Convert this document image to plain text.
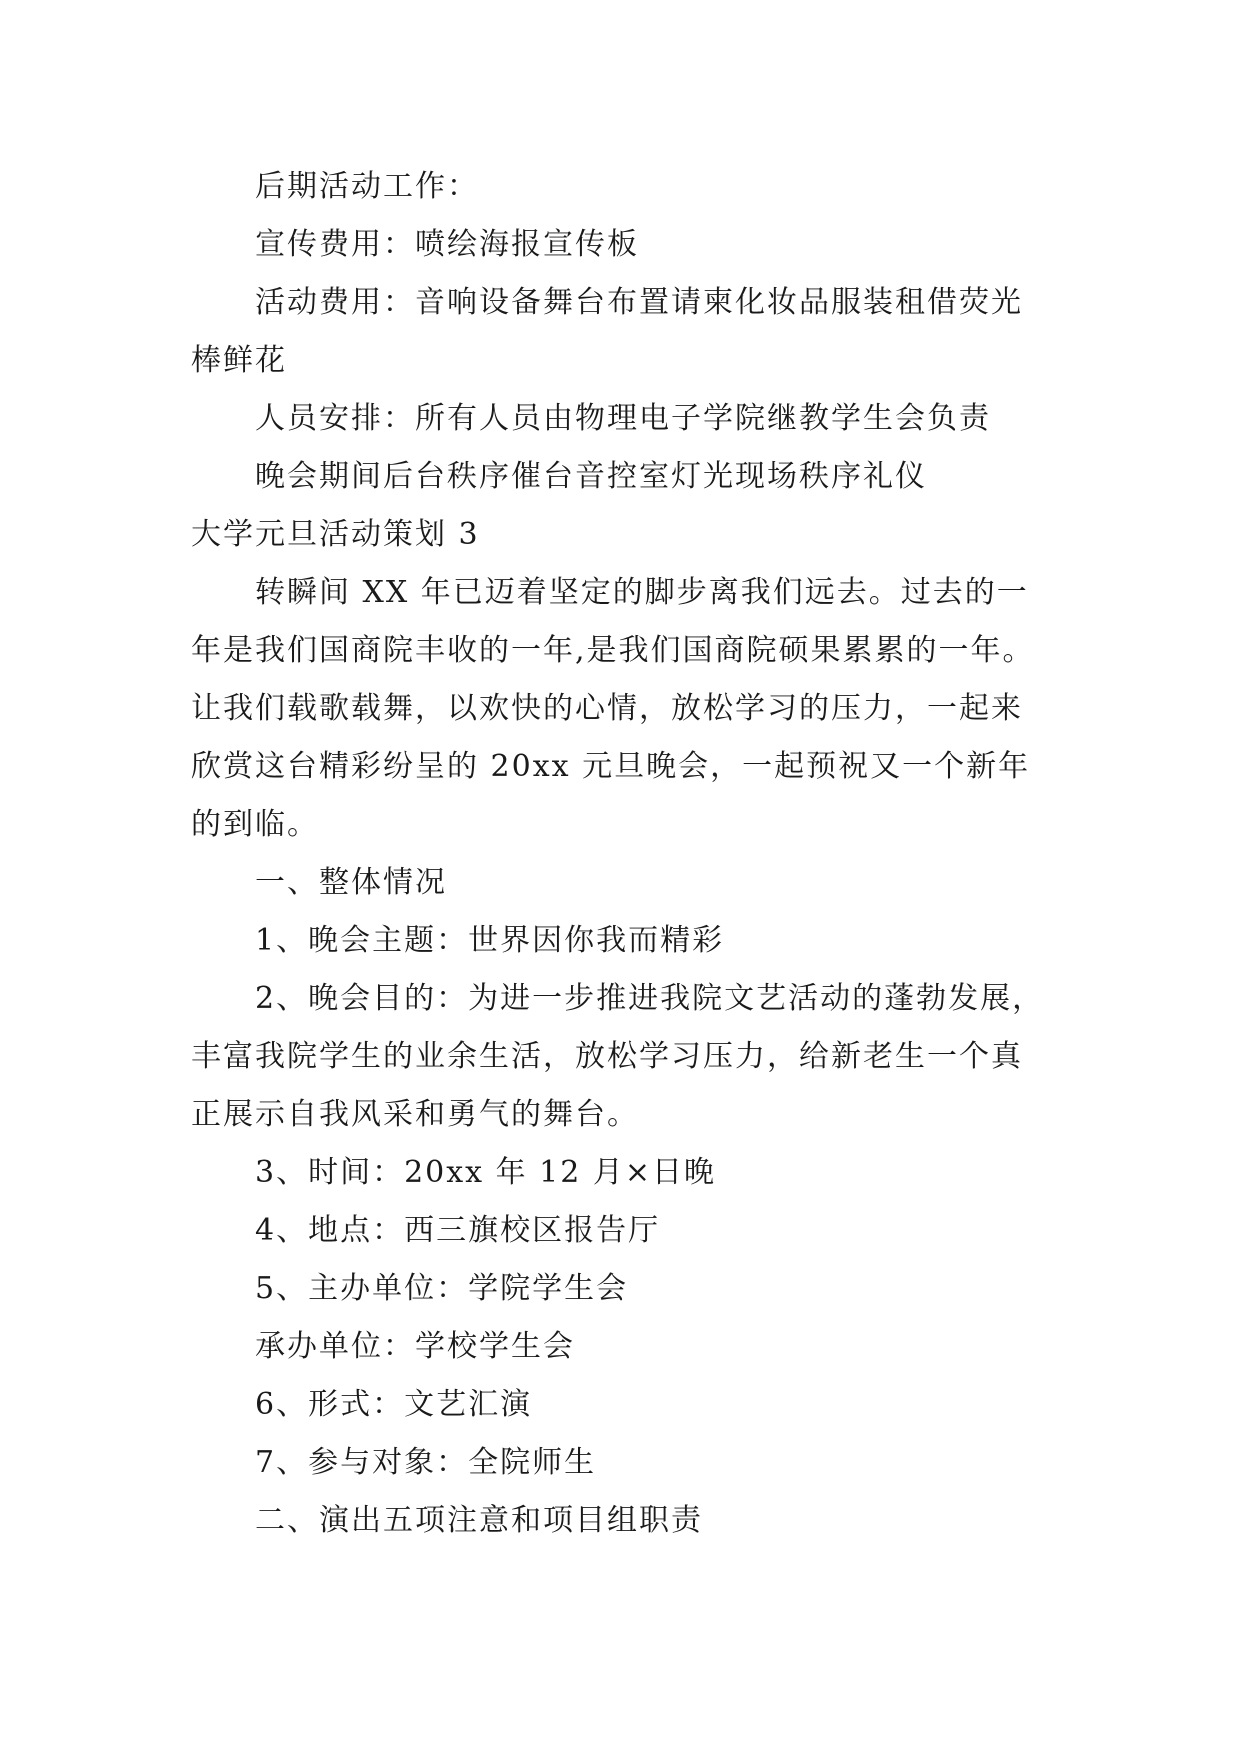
后期活动工作：
宣传费用：喷绘海报宣传板
活动费用：音响设备舞台布置请柬化妆品服装租借荧光
棒鲜花
人员安排：所有人员由物理电子学院继教学生会负责
晚会期间后台秩序催台音控室灯光现场秩序礼仪
大学元旦活动策划 3
转瞬间 XX 年已迈着坚定的脚步离我们远去。过去的一
年是我们国商院丰收的一年,是我们国商院硕果累累的一年。
让我们载歌载舞，以欢快的心情，放松学习的压力，一起来
欣赏这台精彩纷呈的 20xx 元旦晚会，一起预祝又一个新年
的到临。
一、整体情况
1、晚会主题：世界因你我而精彩
2、晚会目的：为进一步推进我院文艺活动的蓬勃发展，
丰富我院学生的业余生活，放松学习压力，给新老生一个真
正展示自我风采和勇气的舞台。
3、时间：20xx 年 12 月×日晚
4、地点：西三旗校区报告厅
5、主办单位：学院学生会
承办单位：学校学生会
6、形式：文艺汇演
7、参与对象：全院师生
二、演出五项注意和项目组职责
